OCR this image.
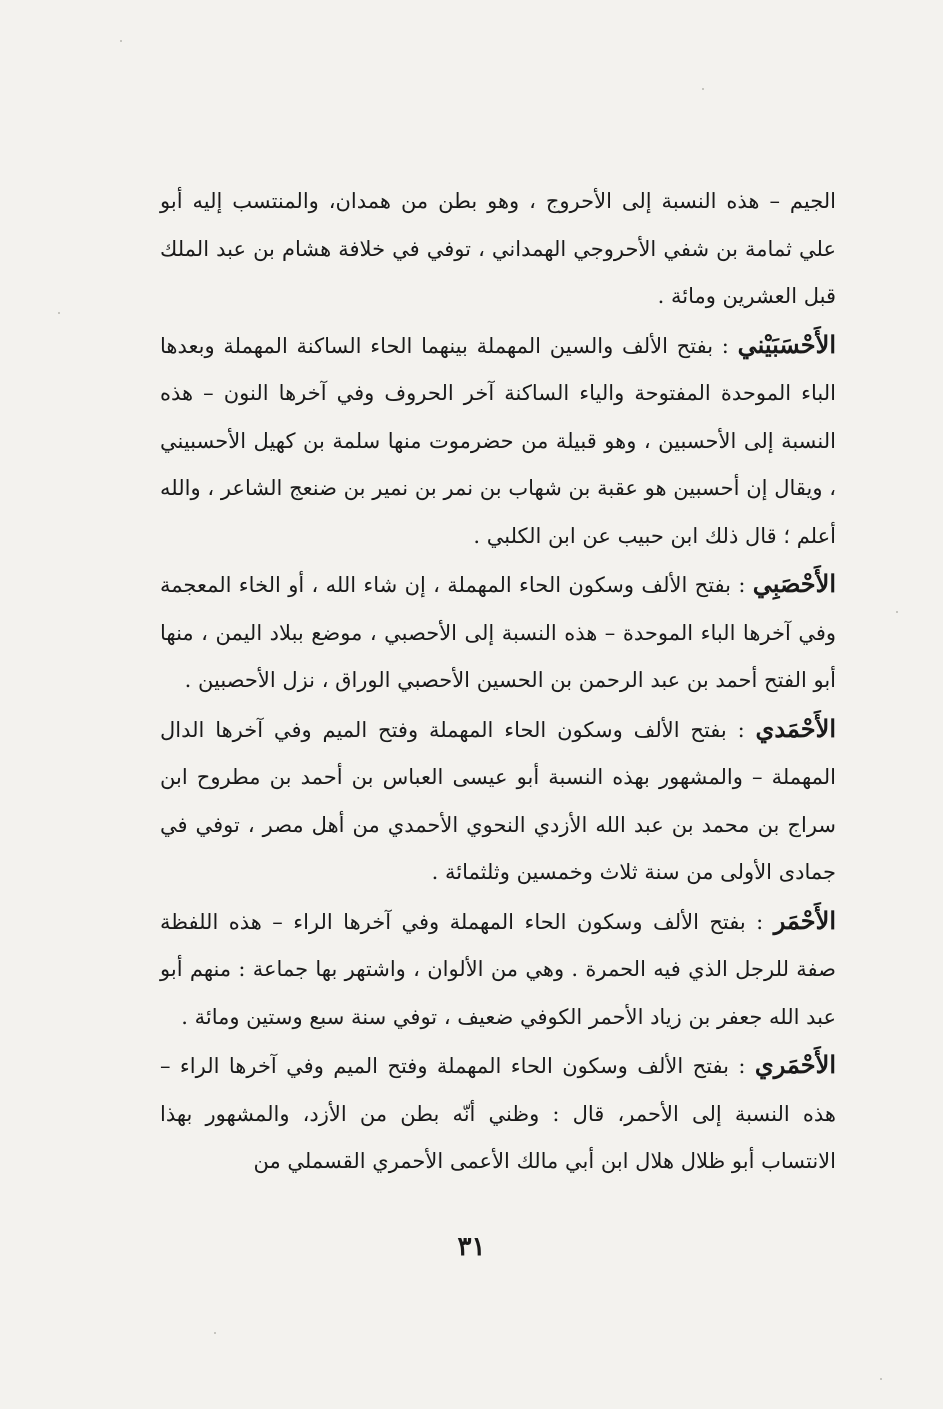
الجيم – هذه النسبة إلى الأحروج ، وهو بطن من همدان، والمنتسب إليه أبو علي ثمامة بن شفي الأحروجي الهمداني ، توفي في خلافة هشام بن عبد الملك قبل العشرين ومائة .

الأَحْسَبَيْني : بفتح الألف والسين المهملة بينهما الحاء الساكنة المهملة وبعدها الباء الموحدة المفتوحة والياء الساكنة آخر الحروف وفي آخرها النون – هذه النسبة إلى الأحسبين ، وهو قبيلة من حضرموت منها سلمة بن كهيل الأحسبيني ، ويقال إن أحسبين هو عقبة بن شهاب بن نمر بن نمير بن ضنعج الشاعر ، والله أعلم ؛ قال ذلك ابن حبيب عن ابن الكلبي .

الأَحْصَبِي : بفتح الألف وسكون الحاء المهملة ، إن شاء الله ، أو الخاء المعجمة وفي آخرها الباء الموحدة – هذه النسبة إلى الأحصبي ، موضع ببلاد اليمن ، منها أبو الفتح أحمد بن عبد الرحمن بن الحسين الأحصبي الوراق ، نزل الأحصبين .

الأَحْمَدي : بفتح الألف وسكون الحاء المهملة وفتح الميم وفي آخرها الدال المهملة – والمشهور بهذه النسبة أبو عيسى العباس بن أحمد بن مطروح ابن سراج بن محمد بن عبد الله الأزدي النحوي الأحمدي من أهل مصر ، توفي في جمادى الأولى من سنة ثلاث وخمسين وثلثمائة .

الأَحْمَر : بفتح الألف وسكون الحاء المهملة وفي آخرها الراء – هذه اللفظة صفة للرجل الذي فيه الحمرة . وهي من الألوان ، واشتهر بها جماعة : منهم أبو عبد الله جعفر بن زياد الأحمر الكوفي ضعيف ، توفي سنة سبع وستين ومائة .

الأَحْمَري : بفتح الألف وسكون الحاء المهملة وفتح الميم وفي آخرها الراء – هذه النسبة إلى الأحمر، قال : وظني أنّه بطن من الأزد، والمشهور بهذا الانتساب أبو ظلال هلال ابن أبي مالك الأعمى الأحمري القسملي من

٣١
